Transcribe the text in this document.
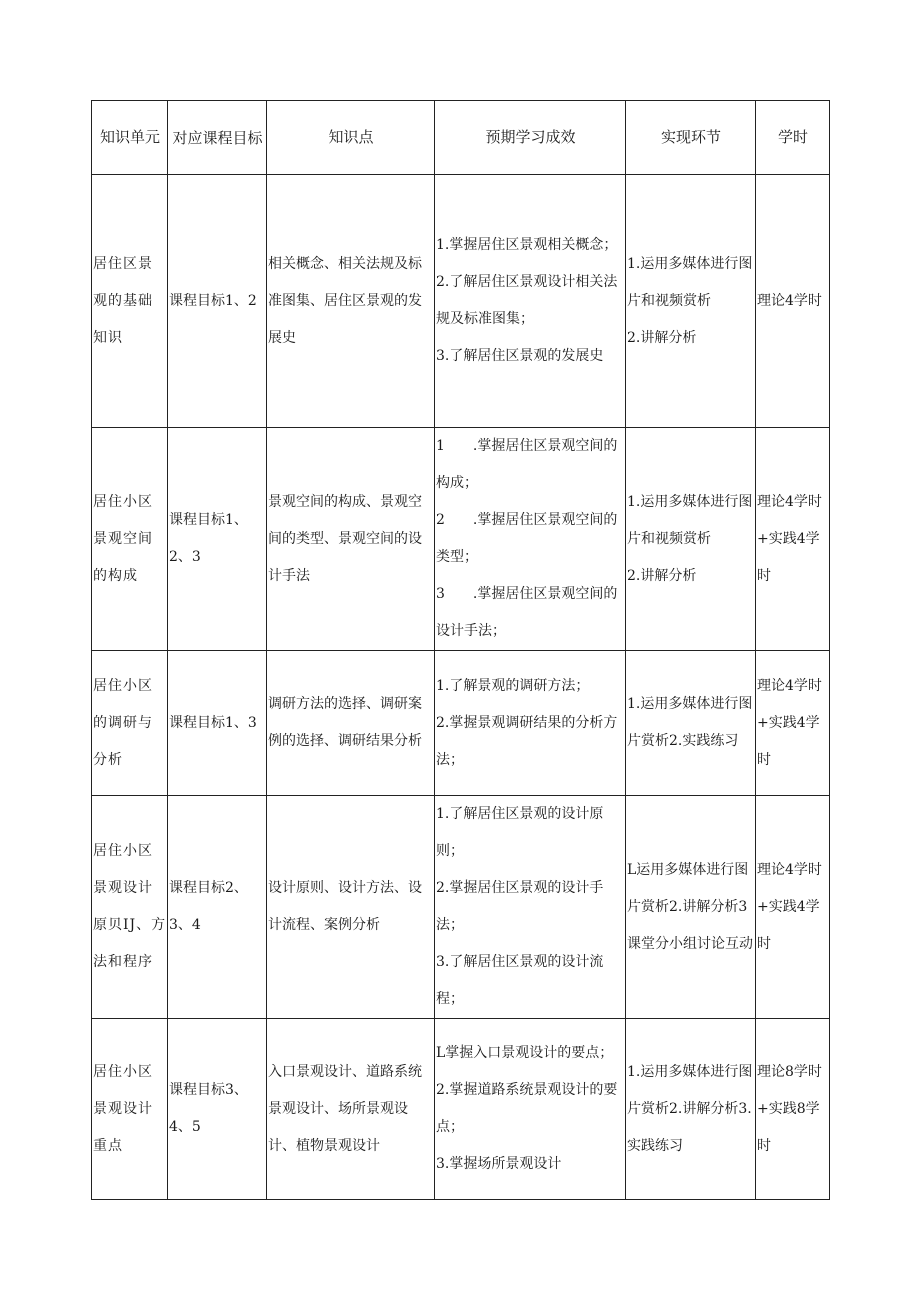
知识单元	对应课程目标	知识点	预期学习成效	实现环节	学时
居住区景观的基础知识	课程目标1、2	相关概念、相关法规及标准图集、居住区景观的发展史	1.掌握居住区景观相关概念；
2.了解居住区景观设计相关法规及标准图集；
3.了解居住区景观的发展史	1.运用多媒体进行图片和视频赏析
2.讲解分析	理论4学时
居住小区景观空间的构成	课程目标1、2、3	景观空间的构成、景观空间的类型、景观空间的设计手法	1　　.掌握居住区景观空间的构成；
2　　.掌握居住区景观空间的类型；
3　　.掌握居住区景观空间的设计手法；	1.运用多媒体进行图片和视频赏析
2.讲解分析	理论4学时+实践4学时
居住小区的调研与分析	课程目标1、3	调研方法的选择、调研案例的选择、调研结果分析	1.了解景观的调研方法；
2.掌握景观调研结果的分析方法；	1.运用多媒体进行图片赏析2.实践练习	理论4学时+实践4学时
居住小区景观设计原贝IJ、方法和程序	课程目标2、3、4	设计原则、设计方法、设计流程、案例分析	1.了解居住区景观的设计原则；
2.掌握居住区景观的设计手法；
3.了解居住区景观的设计流程；	L运用多媒体进行图片赏析2.讲解分析3课堂分小组讨论互动	理论4学时+实践4学时
居住小区景观设计重点	课程目标3、4、5	入口景观设计、道路系统景观设计、场所景观设计、植物景观设计	L掌握入口景观设计的要点；
2.掌握道路系统景观设计的要点；
3.掌握场所景观设计	1.运用多媒体进行图片赏析2.讲解分析3.实践练习	理论8学时+实践8学时
